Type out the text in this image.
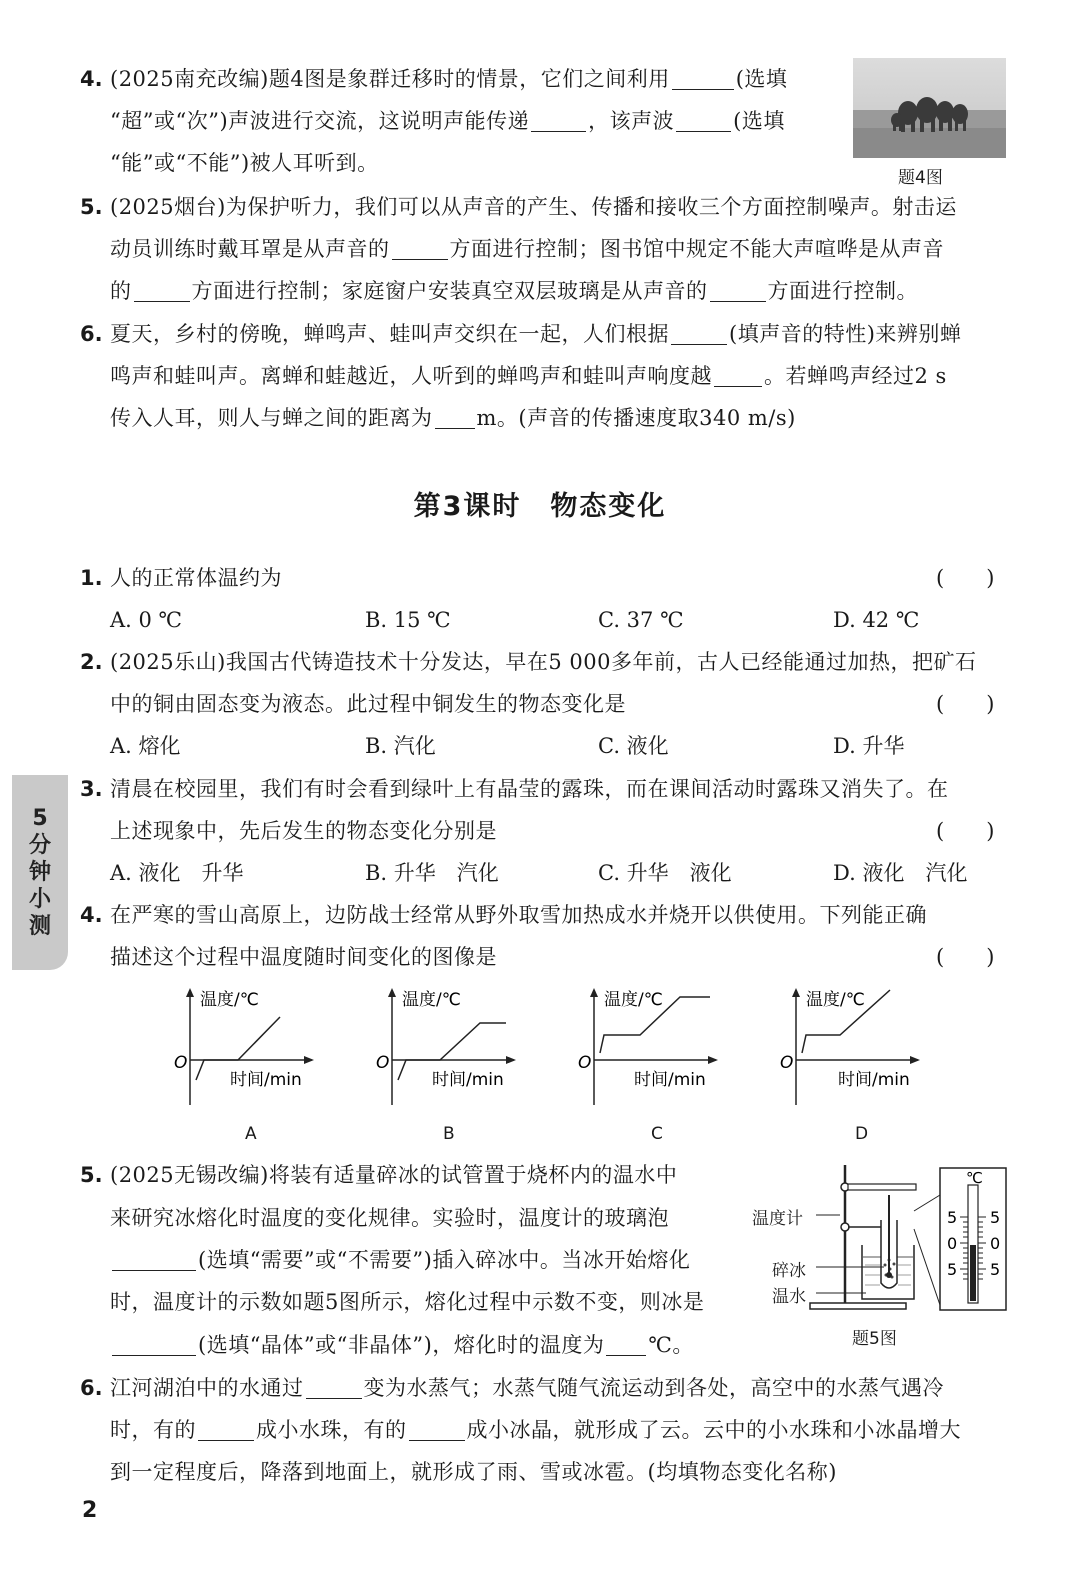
4. (2025南充改编)题4图是象群迁移时的情景，它们之间利用	(选填
“超”或“次”)声波进行交流，这说明声能传递	，该声波	(选填
“能”或“不能”)被人耳听到。
题4图
5. (2025烟台)为保护听力，我们可以从声音的产生、传播和接收三个方面控制噪声。射击运
动员训练时戴耳罩是从声音的	方面进行控制；图书馆中规定不能大声喧哗是从声音
的	方面进行控制；家庭窗户安装真空双层玻璃是从声音的	方面进行控制。
6. 夏天，乡村的傍晚，蝉鸣声、蛙叫声交织在一起，人们根据	(填声音的特性)来辨别蝉
鸣声和蛙叫声。离蝉和蛙越近，人听到的蝉鸣声和蛙叫声响度越 。若蝉鸣声经过2 s
传入人耳，则人与蝉之间的距离为 m。(声音的传播速度取340 m/s)
第3课时　物态变化
1. 人的正常体温约为	(　　)
A. 0 ℃	B. 15 ℃	C. 37 ℃	D. 42 ℃
2. (2025乐山)我国古代铸造技术十分发达，早在5 000多年前，古人已经能通过加热，把矿石
中的铜由固态变为液态。此过程中铜发生的物态变化是	(　　)
A. 熔化	B. 汽化	C. 液化	D. 升华
5
分
钟
小
测
3. 清晨在校园里，我们有时会看到绿叶上有晶莹的露珠，而在课间活动时露珠又消失了。在
上述现象中，先后发生的物态变化分别是	(　　)
A. 液化　升华	B. 升华　汽化	C. 升华　液化	D. 液化　汽化
4. 在严寒的雪山高原上，边防战士经常从野外取雪加热成水并烧开以供使用。下列能正确
描述这个过程中温度随时间变化的图像是	(　　)
温度/℃
O
时间/min
温度/℃
O
时间/min
温度/℃
O
时间/min
温度/℃
O
时间/min
A	B	C	D
5. (2025无锡改编)将装有适量碎冰的试管置于烧杯内的温水中
来研究冰熔化时温度的变化规律。实验时，温度计的玻璃泡
(选填“需要”或“不需要”)插入碎冰中。当冰开始熔化
时，温度计的示数如题5图所示，熔化过程中示数不变，则冰是
(选填“晶体”或“非晶体”)，熔化时的温度为 ℃。
℃
5
0
5
5
0
5
温度计
碎冰
温水
题5图
6. 江河湖泊中的水通过	变为水蒸气；水蒸气随气流运动到各处，高空中的水蒸气遇冷
时，有的	成小水珠，有的	成小冰晶，就形成了云。云中的小水珠和小冰晶增大
到一定程度后，降落到地面上，就形成了雨、雪或冰雹。(均填物态变化名称)
2
